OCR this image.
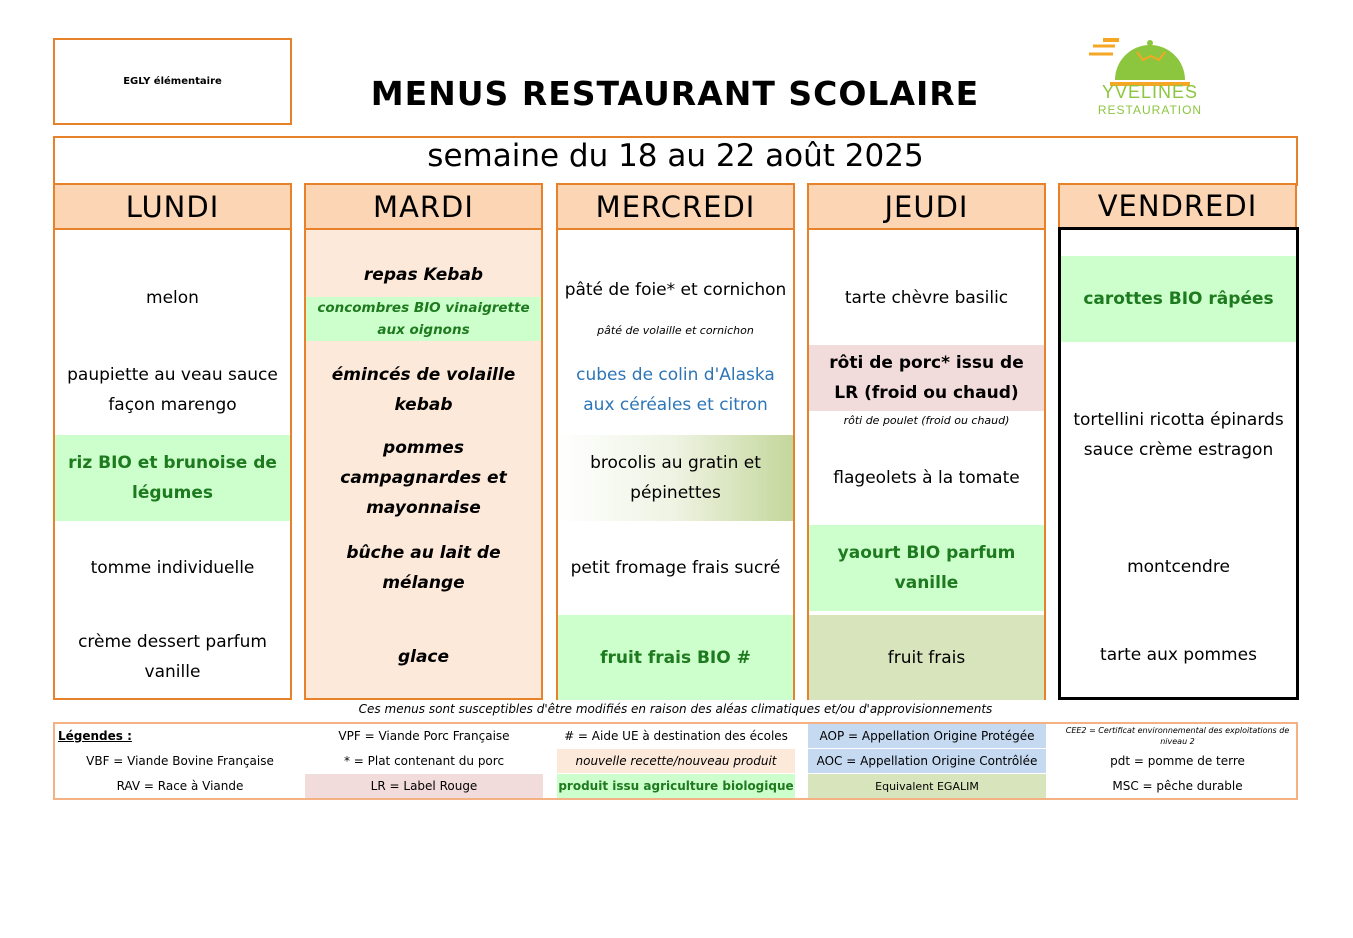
EGLY élémentaire	MENUS RESTAURANT SCOLAIRE	YVELINES
RESTAURATION
semaine du 18 au 22 août 2025
LUNDI
melon
paupiette au veau sauce façon marengo
riz BIO et brunoise de légumes
tomme individuelle
crème dessert parfum vanille
MARDI
repas Kebab
concombres BIO vinaigrette aux oignons
émincés de volaille kebab
pommes campagnardes et mayonnaise
bûche au lait de mélange
glace
MERCREDI
pâté de foie* et cornichon
pâté de volaille et cornichon
cubes de colin d'Alaska aux céréales et citron
brocolis au gratin et pépinettes
petit fromage frais sucré
fruit frais BIO #
JEUDI
tarte chèvre basilic
rôti de porc* issu de LR (froid ou chaud)
rôti de poulet (froid ou chaud)
flageolets à la tomate
yaourt BIO parfum vanille
fruit frais
VENDREDI
carottes BIO râpées
tortellini ricotta épinards sauce crème estragon
montcendre
tarte aux pommes
Ces menus sont susceptibles d'être modifiés en raison des aléas climatiques et/ou d'approvisionnements
Légendes :
VBF = Viande Bovine Française
RAV = Race à Viande
VPF = Viande Porc Française
* = Plat contenant du porc
LR = Label Rouge
# = Aide UE à destination des écoles
nouvelle recette/nouveau produit
produit issu agriculture biologique
AOP = Appellation Origine Protégée
AOC = Appellation Origine Contrôlée
Equivalent EGALIM
CEE2 = Certificat environnemental des exploitations de niveau 2
pdt = pomme de terre
MSC = pêche durable
